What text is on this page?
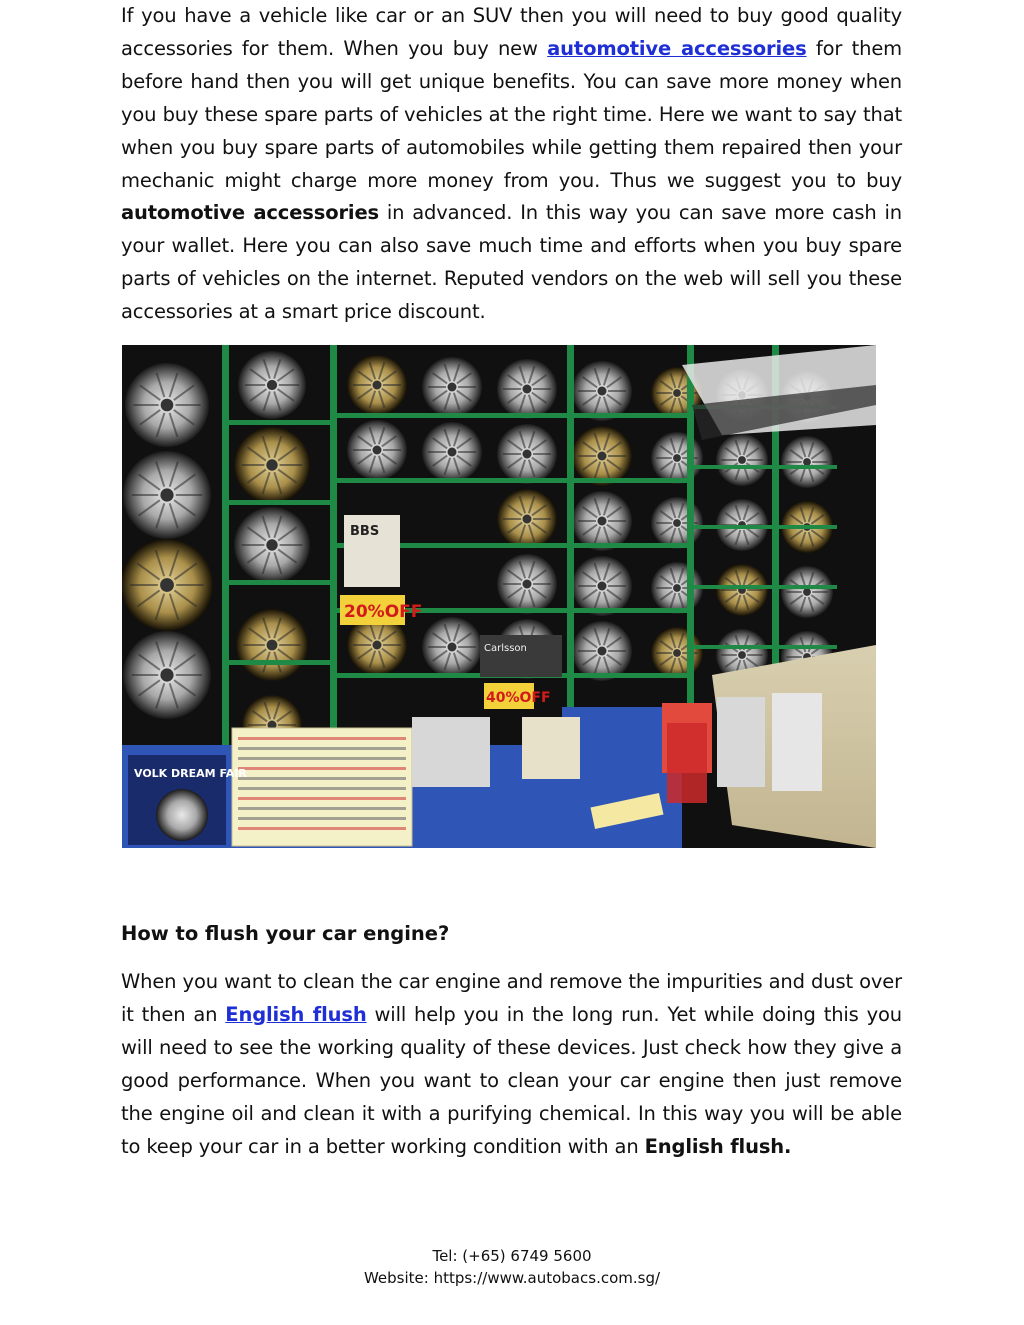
If you have a vehicle like car or an SUV then you will need to buy good quality accessories for them. When you buy new automotive accessories for them before hand then you will get unique benefits. You can save more money when you buy these spare parts of vehicles at the right time. Here we want to say that when you buy spare parts of automobiles while getting them repaired then your mechanic might charge more money from you. Thus we suggest you to buy automotive accessories in advanced. In this way you can save more cash in your wallet. Here you can also save much time and efforts when you buy spare parts of vehicles on the internet. Reputed vendors on the web will sell you these accessories at a smart price discount.

VOLK DREAM FAIR
20%OFF
40%OFF
BBS
Carlsson
How to flush your car engine?

When you want to clean the car engine and remove the impurities and dust over it then an English flush will help you in the long run. Yet while doing this you will need to see the working quality of these devices. Just check how they give a good performance. When you want to clean your car engine then just remove the engine oil and clean it with a purifying chemical. In this way you will be able to keep your car in a better working condition with an English flush.

Tel: (+65) 6749 5600
Website: https://www.autobacs.com.sg/
